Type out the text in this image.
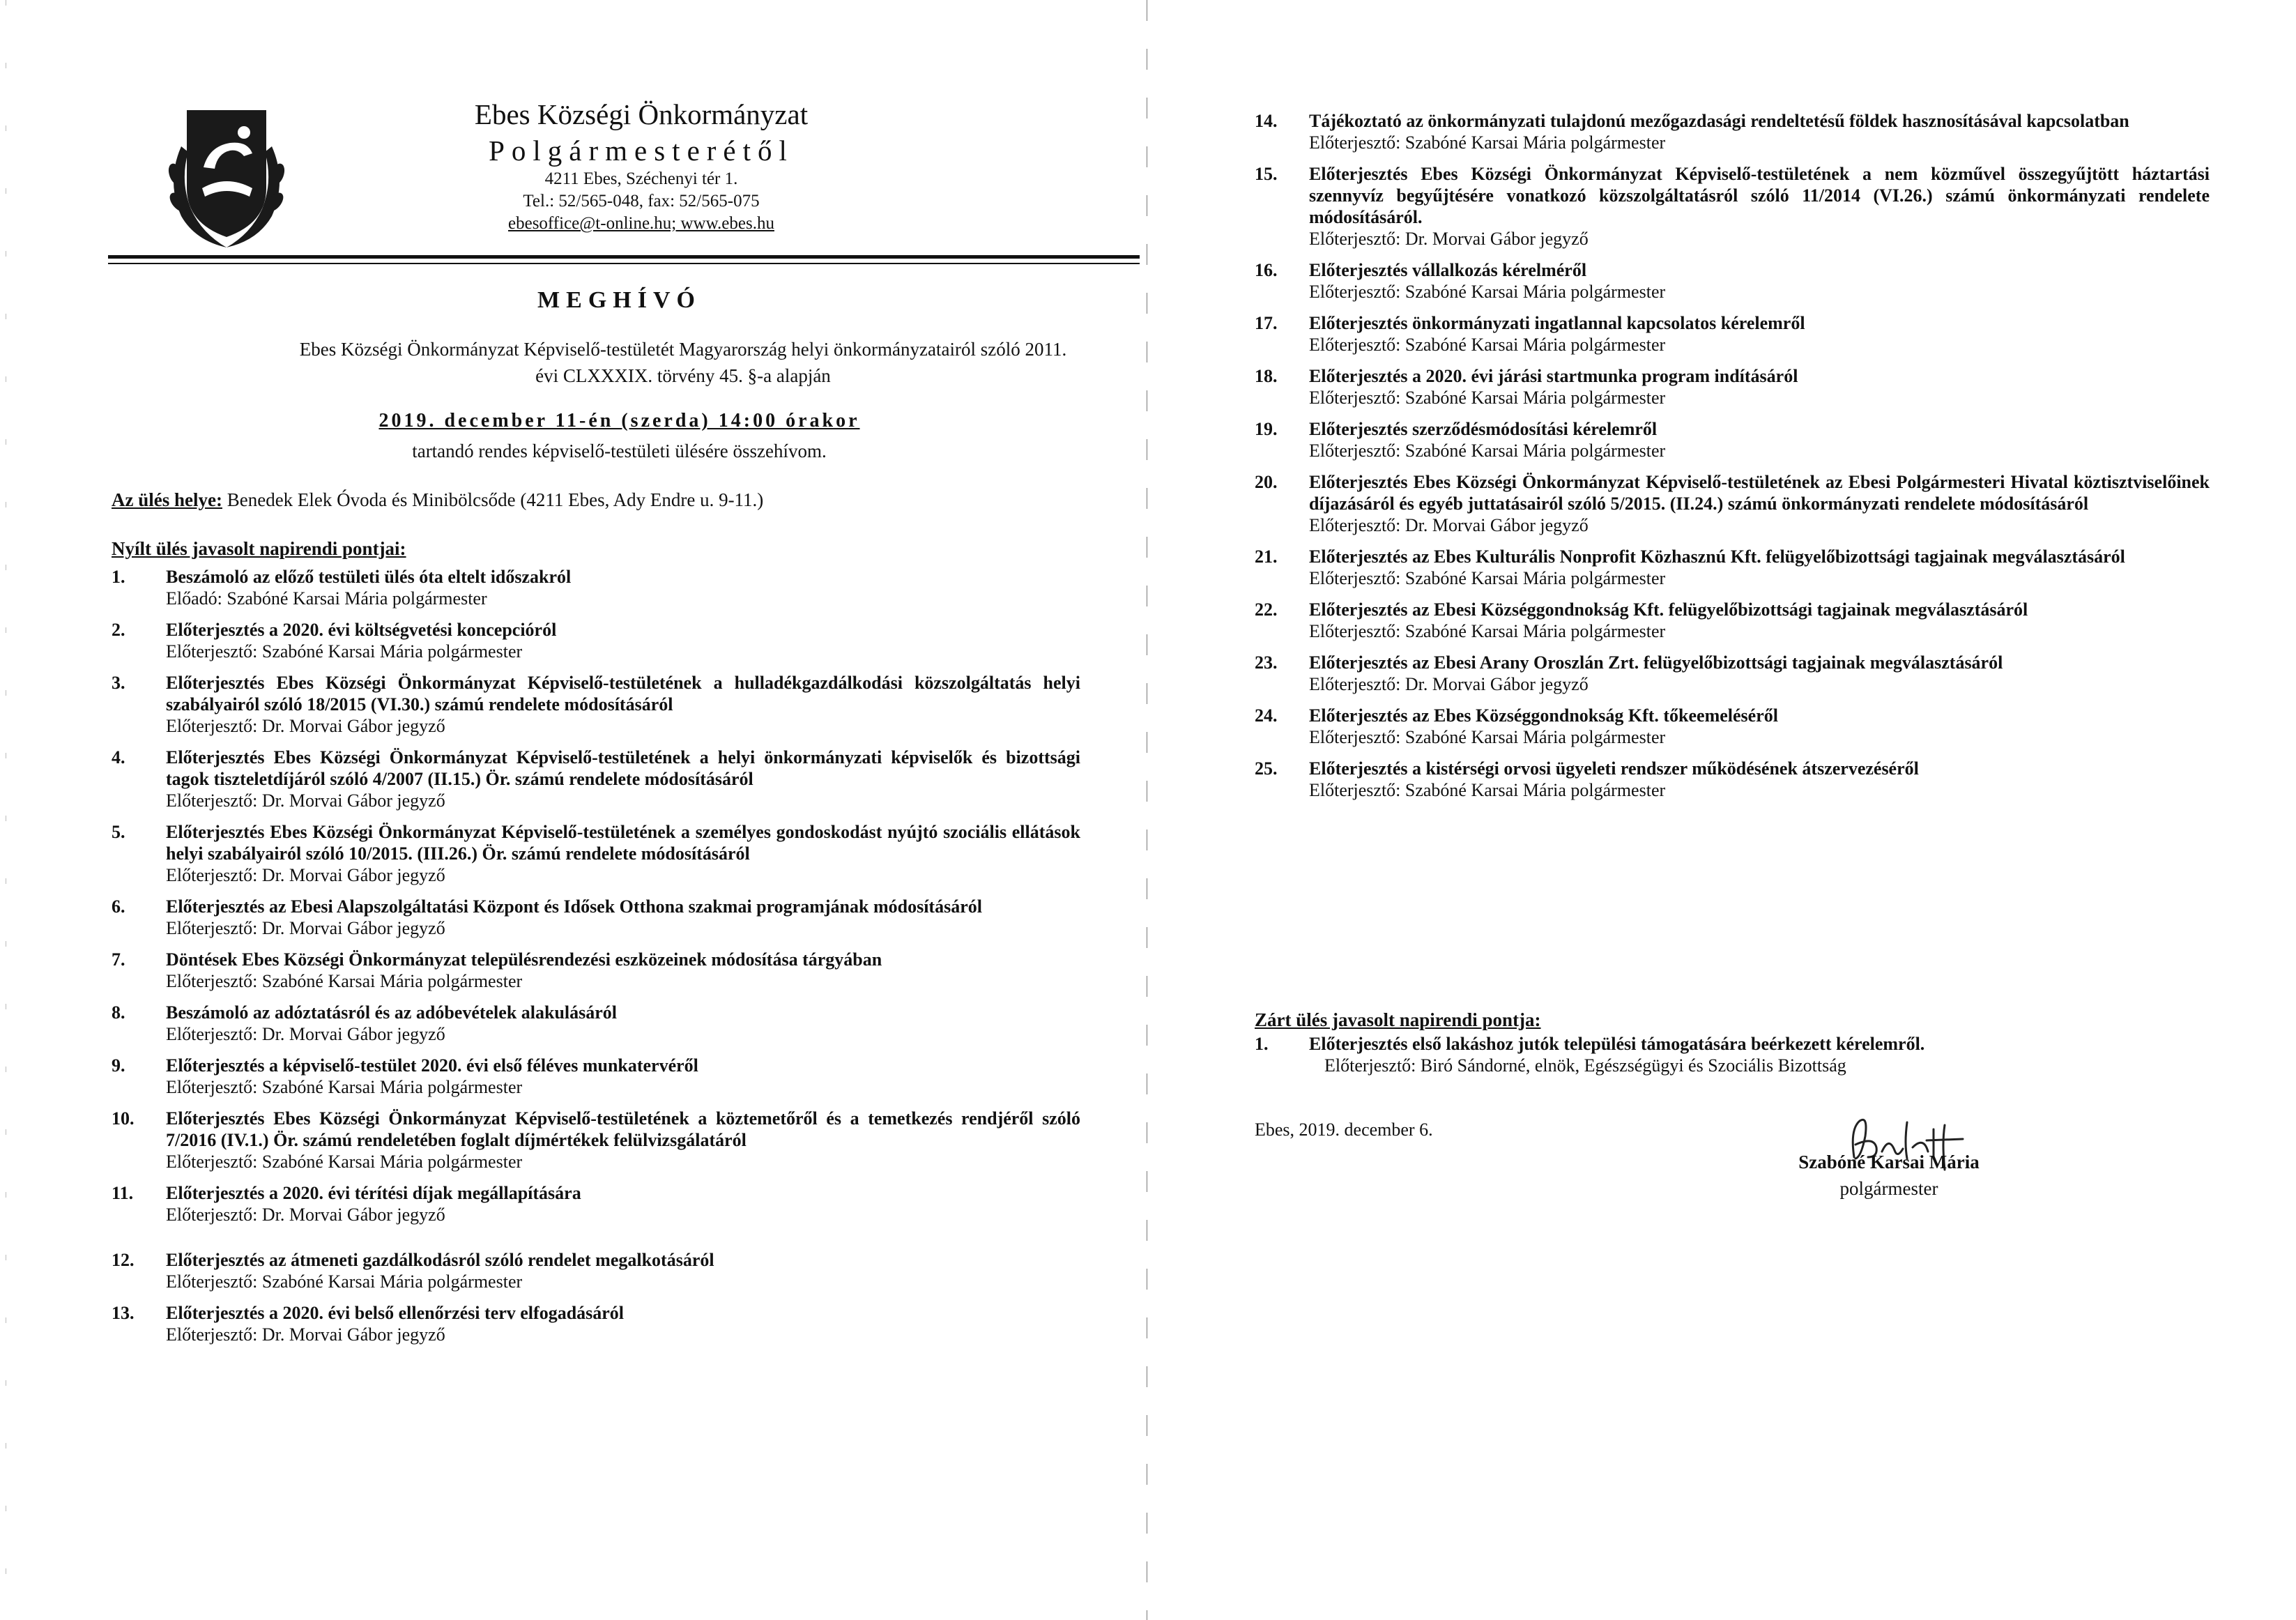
Ebes Községi Önkormányzat
Polgármesterétől
4211 Ebes, Széchenyi tér 1.
Tel.: 52/565-048, fax: 52/565-075
ebesoffice@t-online.hu; www.ebes.hu
MEGHÍVÓ
Ebes Községi Önkormányzat Képviselő-testületét Magyarország helyi önkormányzatairól szóló 2011. évi CLXXXIX. törvény 45. §-a alapján
2019. december 11-én (szerda) 14:00 órakor
tartandó rendes képviselő-testületi ülésére összehívom.
Az ülés helye: Benedek Elek Óvoda és Minibölcsőde (4211 Ebes, Ady Endre u. 9-11.)
Nyílt ülés javasolt napirendi pontjai:
1. Beszámoló az előző testületi ülés óta eltelt időszakról
Előadó: Szabóné Karsai Mária polgármester
2. Előterjesztés a 2020. évi költségvetési koncepcióról
Előterjesztő: Szabóné Karsai Mária polgármester
3. Előterjesztés Ebes Községi Önkormányzat Képviselő-testületének a hulladékgazdálkodási közszolgáltatás helyi szabályairól szóló 18/2015 (VI.30.) számú rendelete módosításáról
Előterjesztő: Dr. Morvai Gábor jegyző
4. Előterjesztés Ebes Községi Önkormányzat Képviselő-testületének a helyi önkormányzati képviselők és bizottsági tagok tiszteletdíjáról szóló 4/2007 (II.15.) Ör. számú rendelete módosításáról
Előterjesztő: Dr. Morvai Gábor jegyző
5. Előterjesztés Ebes Községi Önkormányzat Képviselő-testületének a személyes gondoskodást nyújtó szociális ellátások helyi szabályairól szóló 10/2015. (III.26.) Ör. számú rendelete módosításáról
Előterjesztő: Dr. Morvai Gábor jegyző
6. Előterjesztés az Ebesi Alapszolgáltatási Központ és Idősek Otthona szakmai programjának módosításáról
Előterjesztő: Dr. Morvai Gábor jegyző
7. Döntések Ebes Községi Önkormányzat településrendezési eszközeinek módosítása tárgyában
Előterjesztő: Szabóné Karsai Mária polgármester
8. Beszámoló az adóztatásról és az adóbevételek alakulásáról
Előterjesztő: Dr. Morvai Gábor jegyző
9. Előterjesztés a képviselő-testület 2020. évi első féléves munkatervéről
Előterjesztő: Szabóné Karsai Mária polgármester
10. Előterjesztés Ebes Községi Önkormányzat Képviselő-testületének a köztemetőről és a temetkezés rendjéről szóló 7/2016 (IV.1.) Ör. számú rendeletében foglalt díjmértékek felülvizsgálatáról
Előterjesztő: Szabóné Karsai Mária polgármester
11. Előterjesztés a 2020. évi térítési díjak megállapítására
Előterjesztő: Dr. Morvai Gábor jegyző
12. Előterjesztés az átmeneti gazdálkodásról szóló rendelet megalkotásáról
Előterjesztő: Szabóné Karsai Mária polgármester
13. Előterjesztés a 2020. évi belső ellenőrzési terv elfogadásáról
Előterjesztő: Dr. Morvai Gábor jegyző
14. Tájékoztató az önkormányzati tulajdonú mezőgazdasági rendeltetésű földek hasznosításával kapcsolatban
Előterjesztő: Szabóné Karsai Mária polgármester
15. Előterjesztés Ebes Községi Önkormányzat Képviselő-testületének a nem közművel összegyűjtött háztartási szennyvíz begyűjtésére vonatkozó közszolgáltatásról szóló 11/2014 (VI.26.) számú önkormányzati rendelete módosításáról.
Előterjesztő: Dr. Morvai Gábor jegyző
16. Előterjesztés vállalkozás kérelméről
Előterjesztő: Szabóné Karsai Mária polgármester
17. Előterjesztés önkormányzati ingatlannal kapcsolatos kérelemről
Előterjesztő: Szabóné Karsai Mária polgármester
18. Előterjesztés a 2020. évi járási startmunka program indításáról
Előterjesztő: Szabóné Karsai Mária polgármester
19. Előterjesztés szerződésmódosítási kérelemről
Előterjesztő: Szabóné Karsai Mária polgármester
20. Előterjesztés Ebes Községi Önkormányzat Képviselő-testületének az Ebesi Polgármesteri Hivatal köztisztviselőinek díjazásáról és egyéb juttatásairól szóló 5/2015. (II.24.) számú önkormányzati rendelete módosításáról
Előterjesztő: Dr. Morvai Gábor jegyző
21. Előterjesztés az Ebes Kulturális Nonprofit Közhasznú Kft. felügyelőbizottsági tagjainak megválasztásáról
Előterjesztő: Szabóné Karsai Mária polgármester
22. Előterjesztés az Ebesi Községgondnokság Kft. felügyelőbizottsági tagjainak megválasztásáról
Előterjesztő: Szabóné Karsai Mária polgármester
23. Előterjesztés az Ebesi Arany Oroszlán Zrt. felügyelőbizottsági tagjainak megválasztásáról
Előterjesztő: Dr. Morvai Gábor jegyző
24. Előterjesztés az Ebes Községgondnokság Kft. tőkeemeléséről
Előterjesztő: Szabóné Karsai Mária polgármester
25. Előterjesztés a kistérségi orvosi ügyeleti rendszer működésének átszervezéséről
Előterjesztő: Szabóné Karsai Mária polgármester
Zárt ülés javasolt napirendi pontja:
1. Előterjesztés első lakáshoz jutók települési támogatására beérkezett kérelemről.
Előterjesztő: Biró Sándorné, elnök, Egészségügyi és Szociális Bizottság
Ebes, 2019. december 6.
Szabóné Karsai Mária
polgármester
